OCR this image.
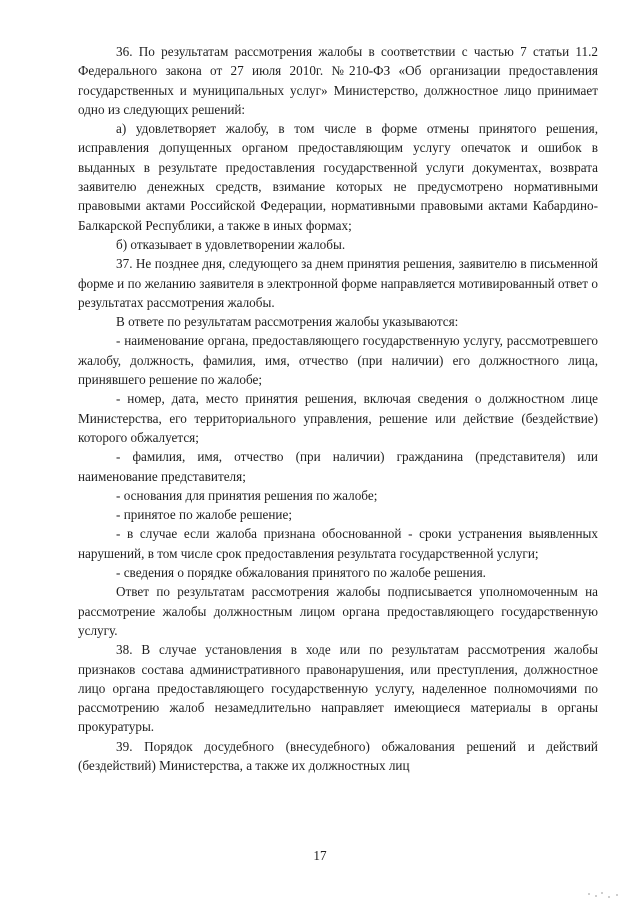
36. По результатам рассмотрения жалобы в соответствии с частью 7 статьи 11.2 Федерального закона от 27 июля 2010г. №210-ФЗ «Об организации предоставления государственных и муниципальных услуг» Министерство, должностное лицо принимает одно из следующих решений:

а) удовлетворяет жалобу, в том числе в форме отмены принятого решения, исправления допущенных органом предоставляющим услугу опечаток и ошибок в выданных в результате предоставления государственной услуги документах, возврата заявителю денежных средств, взимание которых не предусмотрено нормативными правовыми актами Российской Федерации, нормативными правовыми актами Кабардино-Балкарской Республики, а также в иных формах;

б) отказывает в удовлетворении жалобы.

37. Не позднее дня, следующего за днем принятия решения, заявителю в письменной форме и по желанию заявителя в электронной форме направляется мотивированный ответ о результатах рассмотрения жалобы.

В ответе по результатам рассмотрения жалобы указываются:

- наименование органа, предоставляющего государственную услугу, рассмотревшего жалобу, должность, фамилия, имя, отчество (при наличии) его должностного лица, принявшего решение по жалобе;

- номер, дата, место принятия решения, включая сведения о должностном лице Министерства, его территориального управления, решение или действие (бездействие) которого обжалуется;

- фамилия, имя, отчество (при наличии) гражданина (представителя) или наименование представителя;

- основания для принятия решения по жалобе;

- принятое по жалобе решение;

- в случае если жалоба признана обоснованной - сроки устранения выявленных нарушений, в том числе срок предоставления результата государственной услуги;

- сведения о порядке обжалования принятого по жалобе решения.

Ответ по результатам рассмотрения жалобы подписывается уполномоченным на рассмотрение жалобы должностным лицом органа предоставляющего государственную услугу.

38. В случае установления в ходе или по результатам рассмотрения жалобы признаков состава административного правонарушения, или преступления, должностное лицо органа предоставляющего государственную услугу, наделенное полномочиями по рассмотрению жалоб незамедлительно направляет имеющиеся материалы в органы прокуратуры.

39. Порядок досудебного (внесудебного) обжалования решений и действий (бездействий) Министерства, а также их должностных лиц

17
